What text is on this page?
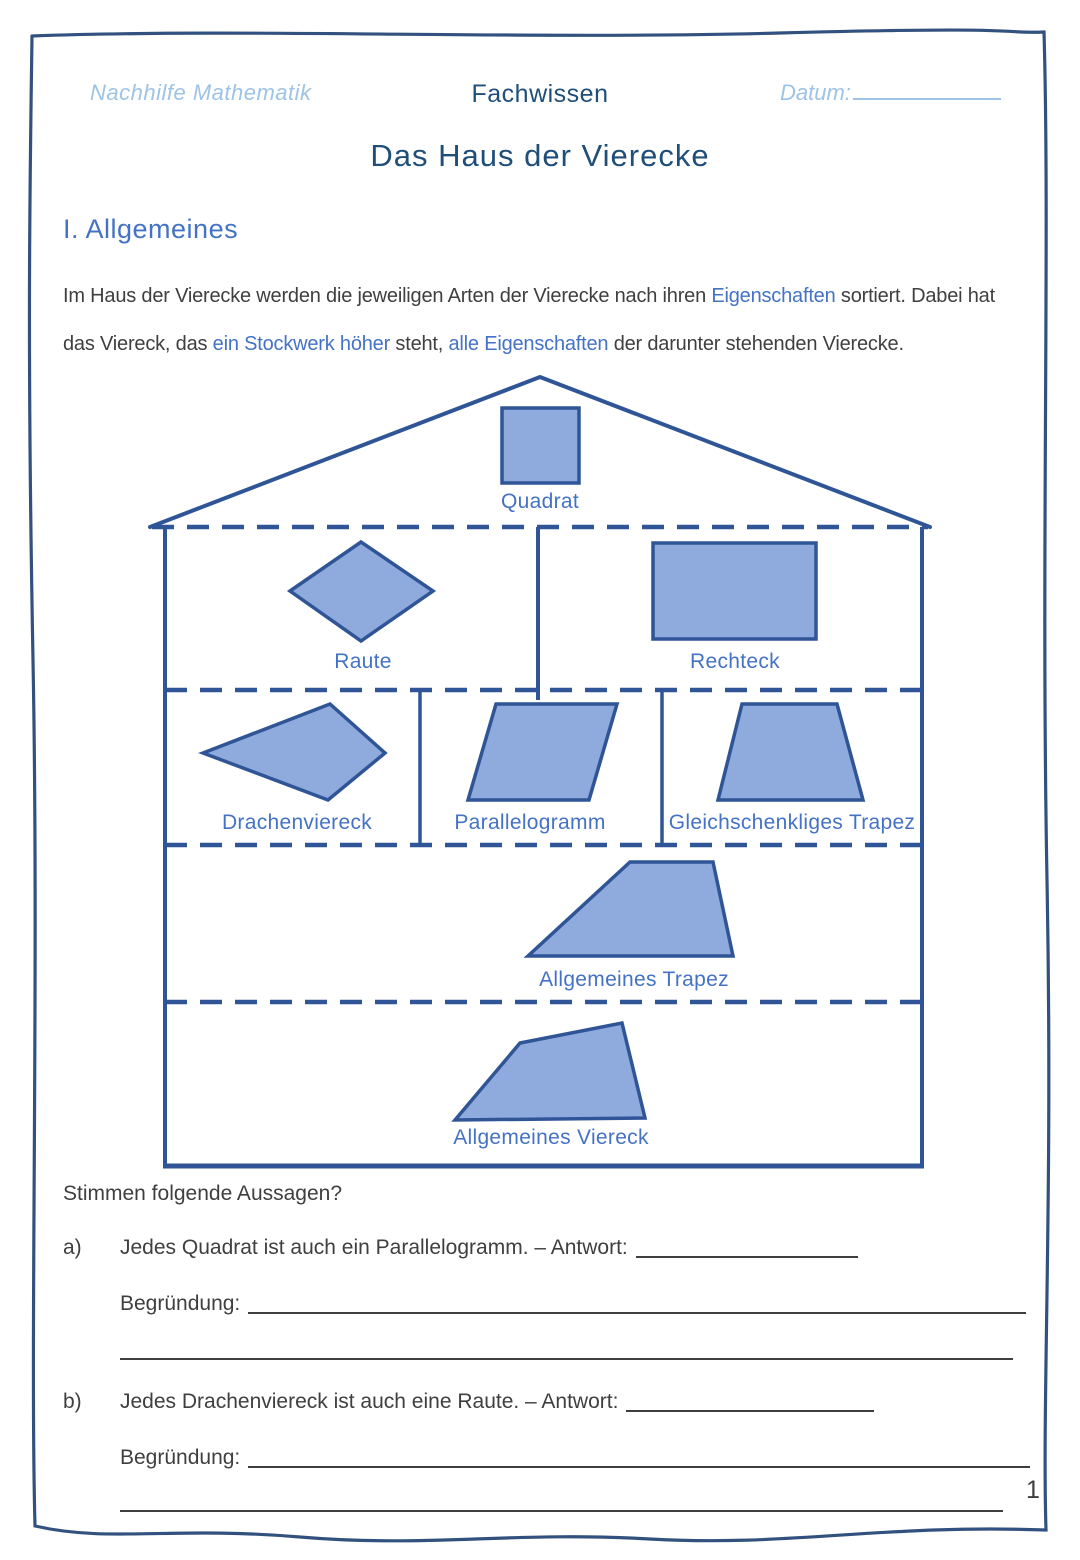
Nachhilfe Mathematik	Fachwissen	Datum:
Das Haus der Vierecke
I. Allgemeines
Im Haus der Vierecke werden die jeweiligen Arten der Vierecke nach ihren Eigenschaften sortiert. Dabei hat
das Viereck, das ein Stockwerk höher steht, alle Eigenschaften der darunter stehenden Vierecke.
Quadrat
Raute	Rechteck
Drachenviereck	Parallelogramm	Gleichschenkliges Trapez
Allgemeines Trapez
Allgemeines Viereck
Stimmen folgende Aussagen?
a) Jedes Quadrat ist auch ein Parallelogramm. – Antwort:
Begründung:
b) Jedes Drachenviereck ist auch eine Raute. – Antwort:
Begründung:
1
